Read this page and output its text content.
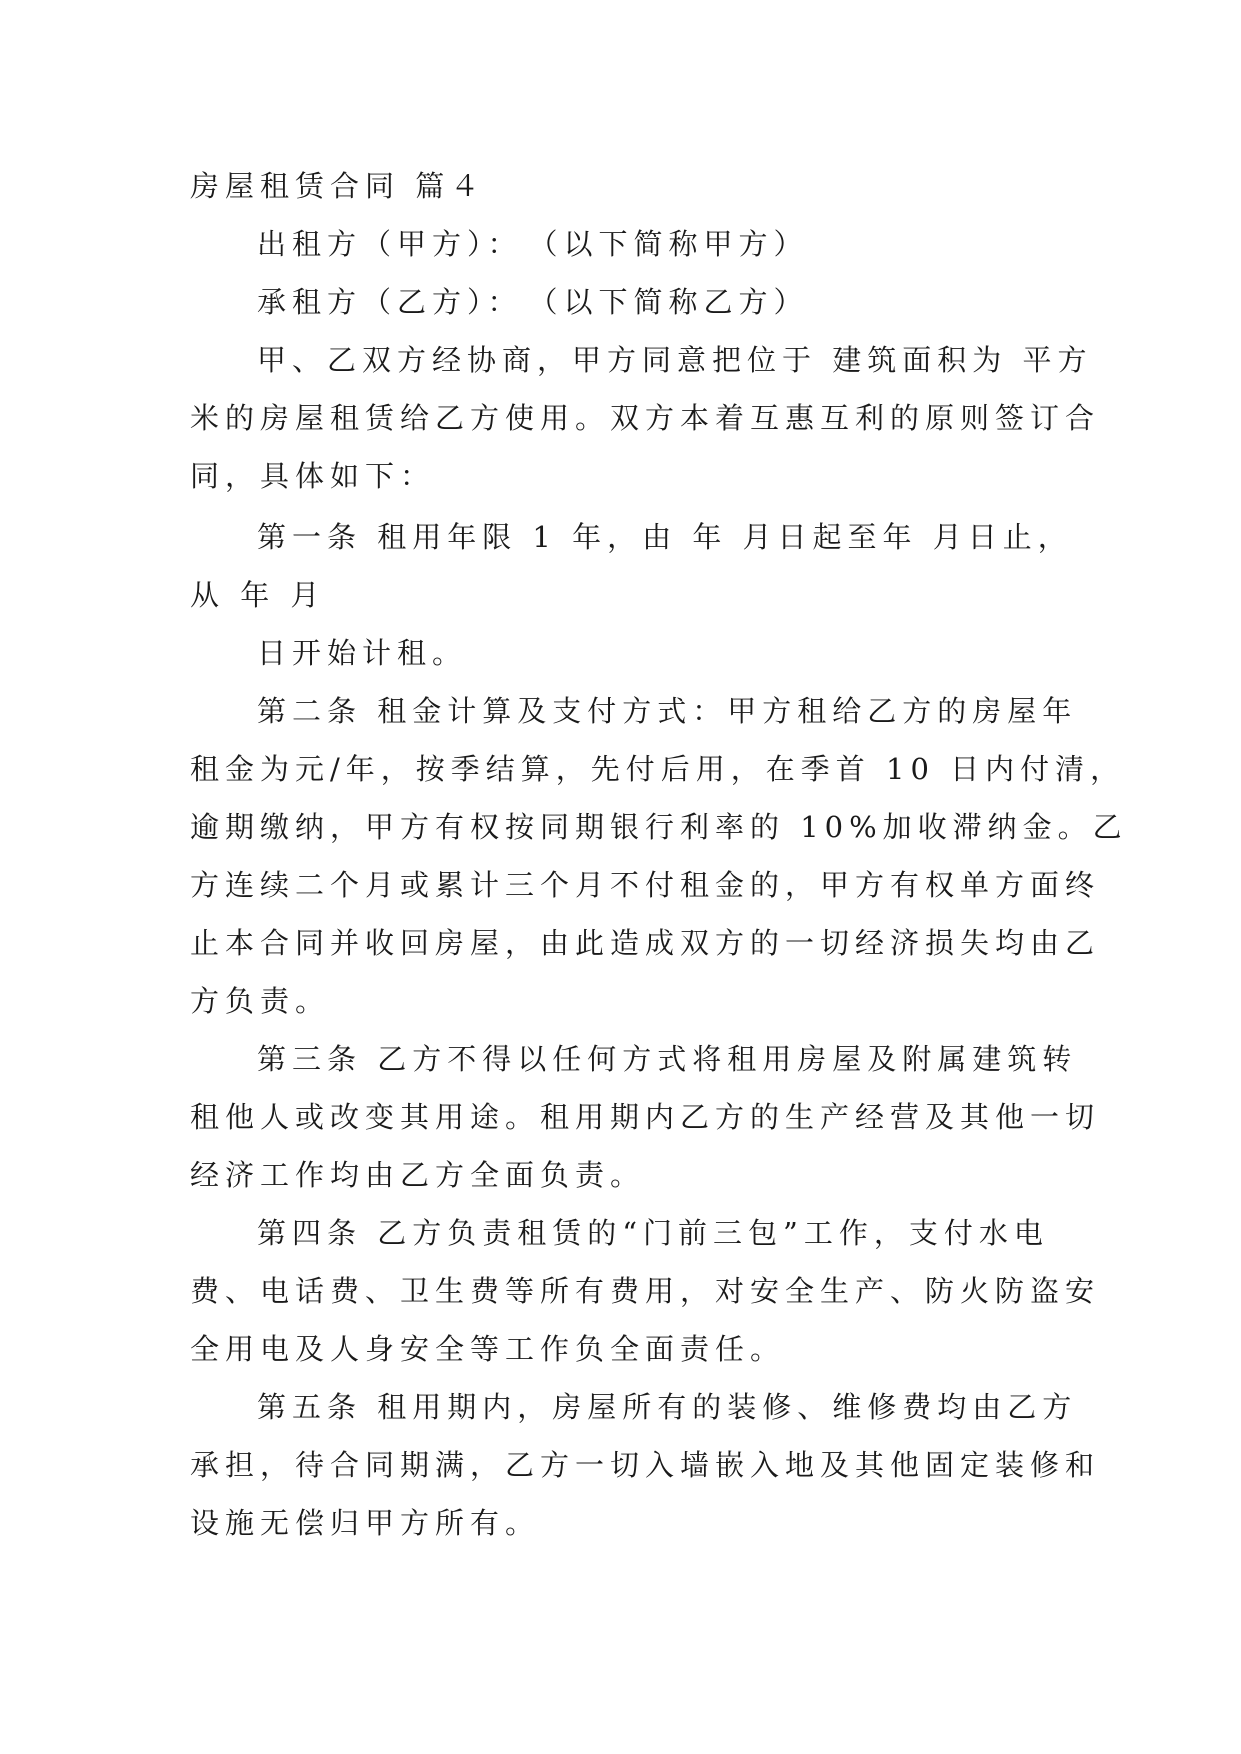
房屋租赁合同 篇４
出租方（甲方）：　（以下简称甲方）
承租方（乙方）：　（以下简称乙方）
甲、乙双方经协商，甲方同意把位于 建筑面积为 平方
米的房屋租赁给乙方使用。双方本着互惠互利的原则签订合
同，具体如下：
第一条 租用年限 1 年，由 年 月日起至年 月日止，
从 年 月
日开始计租。
第二条 租金计算及支付方式：甲方租给乙方的房屋年
租金为元/年，按季结算，先付后用，在季首 10 日内付清，
逾期缴纳，甲方有权按同期银行利率的 10%加收滞纳金。乙
方连续二个月或累计三个月不付租金的，甲方有权单方面终
止本合同并收回房屋，由此造成双方的一切经济损失均由乙
方负责。
第三条 乙方不得以任何方式将租用房屋及附属建筑转
租他人或改变其用途。租用期内乙方的生产经营及其他一切
经济工作均由乙方全面负责。
第四条 乙方负责租赁的“门前三包”工作，支付水电
费、电话费、卫生费等所有费用，对安全生产、防火防盗安
全用电及人身安全等工作负全面责任。
第五条 租用期内，房屋所有的装修、维修费均由乙方
承担，待合同期满，乙方一切入墙嵌入地及其他固定装修和
设施无偿归甲方所有。
